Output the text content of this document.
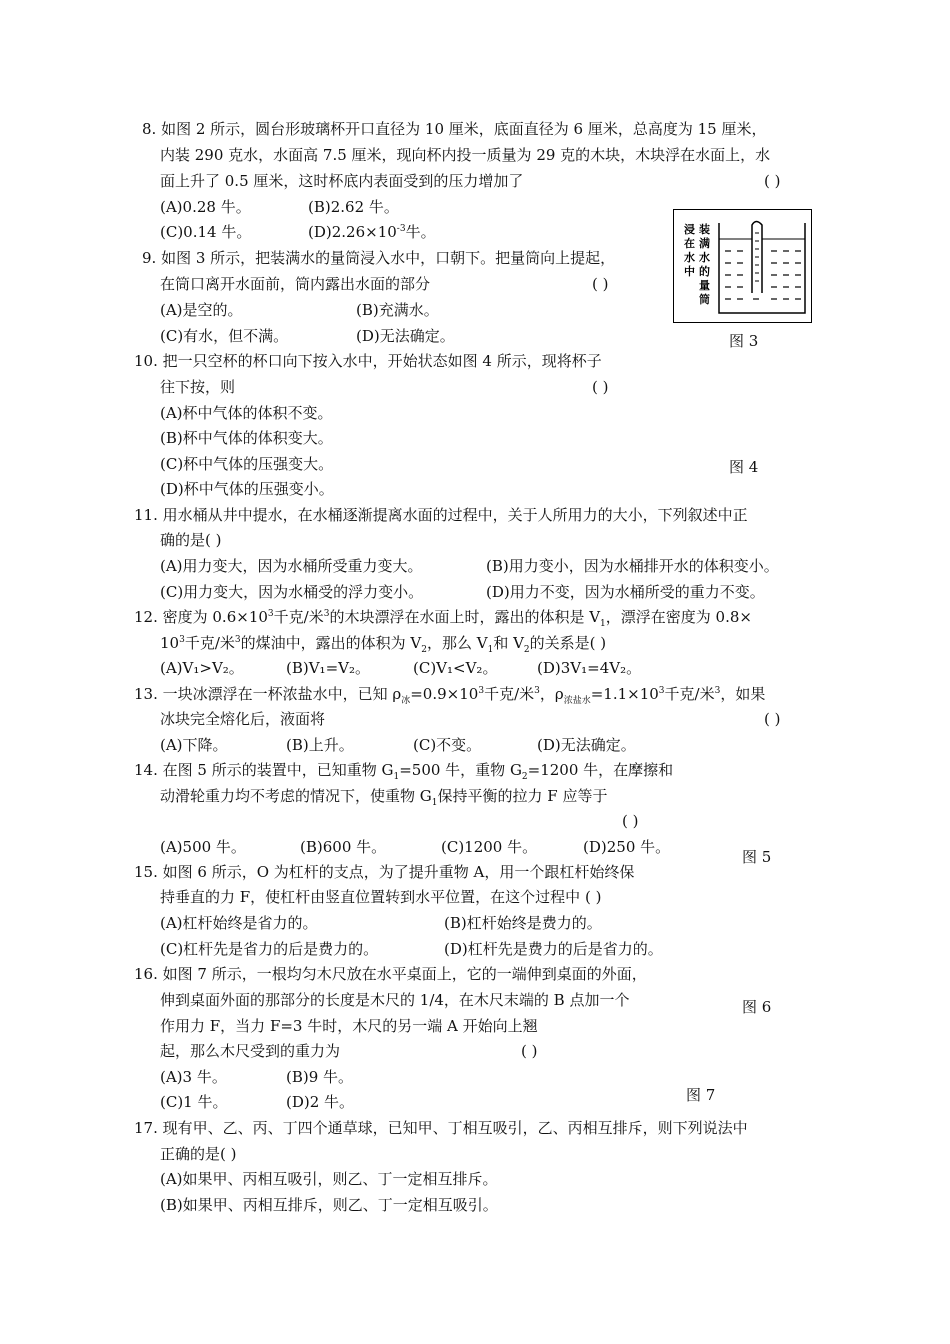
8. 如图 2 所示，圆台形玻璃杯开口直径为 10 厘米，底面直径为 6 厘米，总高度为 15 厘米，
内装 290 克水，水面高 7.5 厘米，现向杯内投一质量为 29 克的木块，木块浮在水面上，水
面上升了 0.5 厘米，这时杯底内表面受到的压力增加了	( )
(A)0.28 牛。	(B)2.62 牛。
(C)0.14 牛。	$(D)2.26\times 10^{-3}$牛。	浸
在
水
中
装
满
水
的
量
筒
图 3
9. 如图 3 所示，把装满水的量筒浸入水中，口朝下。把量筒向上提起，
在筒口离开水面前，筒内露出水面的部分	( )
(A)是空的。	(B)充满水。
(C)有水，但不满。	(D)无法确定。
10. 把一只空杯的杯口向下按入水中，开始状态如图 4 所示，现将杯子
往下按，则	( )
(A)杯中气体的体积不变。
(B)杯中气体的体积变大。
(C)杯中气体的压强变大。
(D)杯中气体的压强变小。
图 4
11. 用水桶从井中提水，在水桶逐渐提离水面的过程中，关于人所用力的大小，下列叙述中正
确的是( )
(A)用力变大，因为水桶所受重力变大。	(B)用力变小，因为水桶排开水的体积变小。
(C)用力变大，因为水桶受的浮力变小。	(D)用力不变，因为水桶所受的重力不变。
12. 密度为 $0.6\times 10^3$千克/米$^3$的木块漂浮在水面上时，露出的体积是 $V_1$，漂浮在密度为 0.8×
$10^3$千克/米$^3$的煤油中，露出的体积为 $V_2$，那么 $V_1$和 $V_2$的关系是( )
(A)V₁>V₂。	(B)V₁=V₂。	(C)V₁<V₂。	(D)3V₁=4V₂。
13. 一块冰漂浮在一杯浓盐水中，已知 $\rho_冰=0.9\times 10^3$千克/米$^3$，$\rho_{浓盐水}=1.1\times 10^3$千克/米$^3$，如果
冰块完全熔化后，液面将	( )
(A)下降。	(B)上升。	(C)不变。	(D)无法确定。
14. 在图 5 所示的装置中，已知重物 $G_1=500$ 牛，重物 $G_2=1200$ 牛，在摩擦和
动滑轮重力均不考虑的情况下，使重物 $G_1$保持平衡的拉力 F 应等于
( )
(A)500 牛。	(B)600 牛。	(C)1200 牛。	(D)250 牛。
图 5
15. 如图 6 所示，O 为杠杆的支点，为了提升重物 A，用一个跟杠杆始终保
持垂直的力 F，使杠杆由竖直位置转到水平位置，在这个过程中 ( )
(A)杠杆始终是省力的。	(B)杠杆始终是费力的。
(C)杠杆先是省力的后是费力的。	(D)杠杆先是费力的后是省力的。
16. 如图 7 所示，一根均匀木尺放在水平桌面上，它的一端伸到桌面的外面，
伸到桌面外面的那部分的长度是木尺的 1/4，在木尺末端的 B 点加一个
作用力 F，当力 F=3 牛时，木尺的另一端 A 开始向上翘
起，那么木尺受到的重力为	( )
(A)3 牛。	(B)9 牛。
(C)1 牛。	(D)2 牛。
图 6
图 7
17. 现有甲、乙、丙、丁四个通草球，已知甲、丁相互吸引，乙、丙相互排斥，则下列说法中
正确的是( )
(A)如果甲、丙相互吸引，则乙、丁一定相互排斥。
(B)如果甲、丙相互排斥，则乙、丁一定相互吸引。
